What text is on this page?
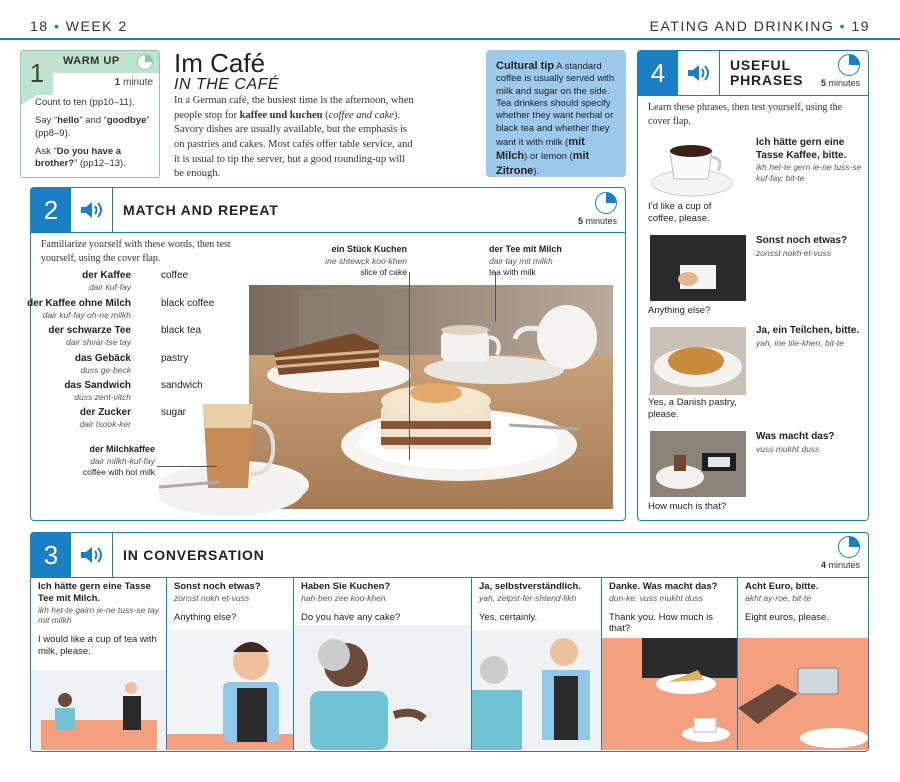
18 • WEEK 2	EATING AND DRINKING • 19
1	WARM UP
1 minute

Count to ten (pp10–11).

Say “hello” and “goodbye” (pp8–9).

Ask “Do you have a brother?” (pp12–13).

Im Café
IN THE CAFÉ
In a German café, the busiest time is the afternoon, when people stop for kaffee und kuchen (coffee and cake). Savory dishes are usually available, but the emphasis is on pastries and cakes. Most cafés offer table service, and it is usual to tip the server, but a good rounding-up will be enough.
Cultural tip A standard coffee is usually served with milk and sugar on the side. Tea drinkers should specify whether they want herbal or black tea and whether they want it with milk (mit Milch) or lemon (mit Zitrone).
2	MATCH AND REPEAT
5 minutes
Familiarize yourself with these words, then test yourself, using the cover flap.
der Kaffee
dair kuf-fay
coffee
der Kaffee ohne Milch
dair kuf-fay oh-ne milkh
black coffee
der schwarze Tee
dair shvar-tse tay
black tea
das Gebäck
duss ge-beck
pastry
das Sandwich
duss zent-vitch
sandwich
der Zucker
dair tsook-ker
sugar
ein Stück Kuchen
ine shtewck koo-khen
slice of cake
der Tee mit Milch
dair tay mit milkh
tea with milk
der Milchkaffee
dair milkh-kuf-fay
coffee with hot milk
4	USEFUL PHRASES	5 minutes
Learn these phrases, then test yourself, using the cover flap.
Ich hätte gern eine Tasse Kaffee, bitte.
ikh het-te gern ie-ne tuss-se kuf-fay, bit-te
I’d like a cup of coffee, please.
Sonst noch etwas?
zonsst nokh et-vuss
Anything else?
Ja, ein Teilchen, bitte.
yah, ine tile-khen, bit-te
Yes, a Danish pastry, please.
Was macht das?
vuss mukht duss
How much is that?
3	IN CONVERSATION
4 minutes
Ich hätte gern eine Tasse Tee mit Milch.
ikh het-te gairn ie-ne tuss-se tay mit milkh
I would like a cup of tea with milk, please.
Sonst noch etwas?
zonsst nokh et-vuss
Anything else?
Haben Sie Kuchen?
hah-ben zee koo-khen
Do you have any cake?
Ja, selbstverständlich.
yah, zelpst-fer-shtend-likh
Yes, certainly.
Danke. Was macht das?
dun-ke. vuss mukht duss
Thank you. How much is that?
Acht Euro, bitte.
akht ay-roe, bit-te
Eight euros, please.
